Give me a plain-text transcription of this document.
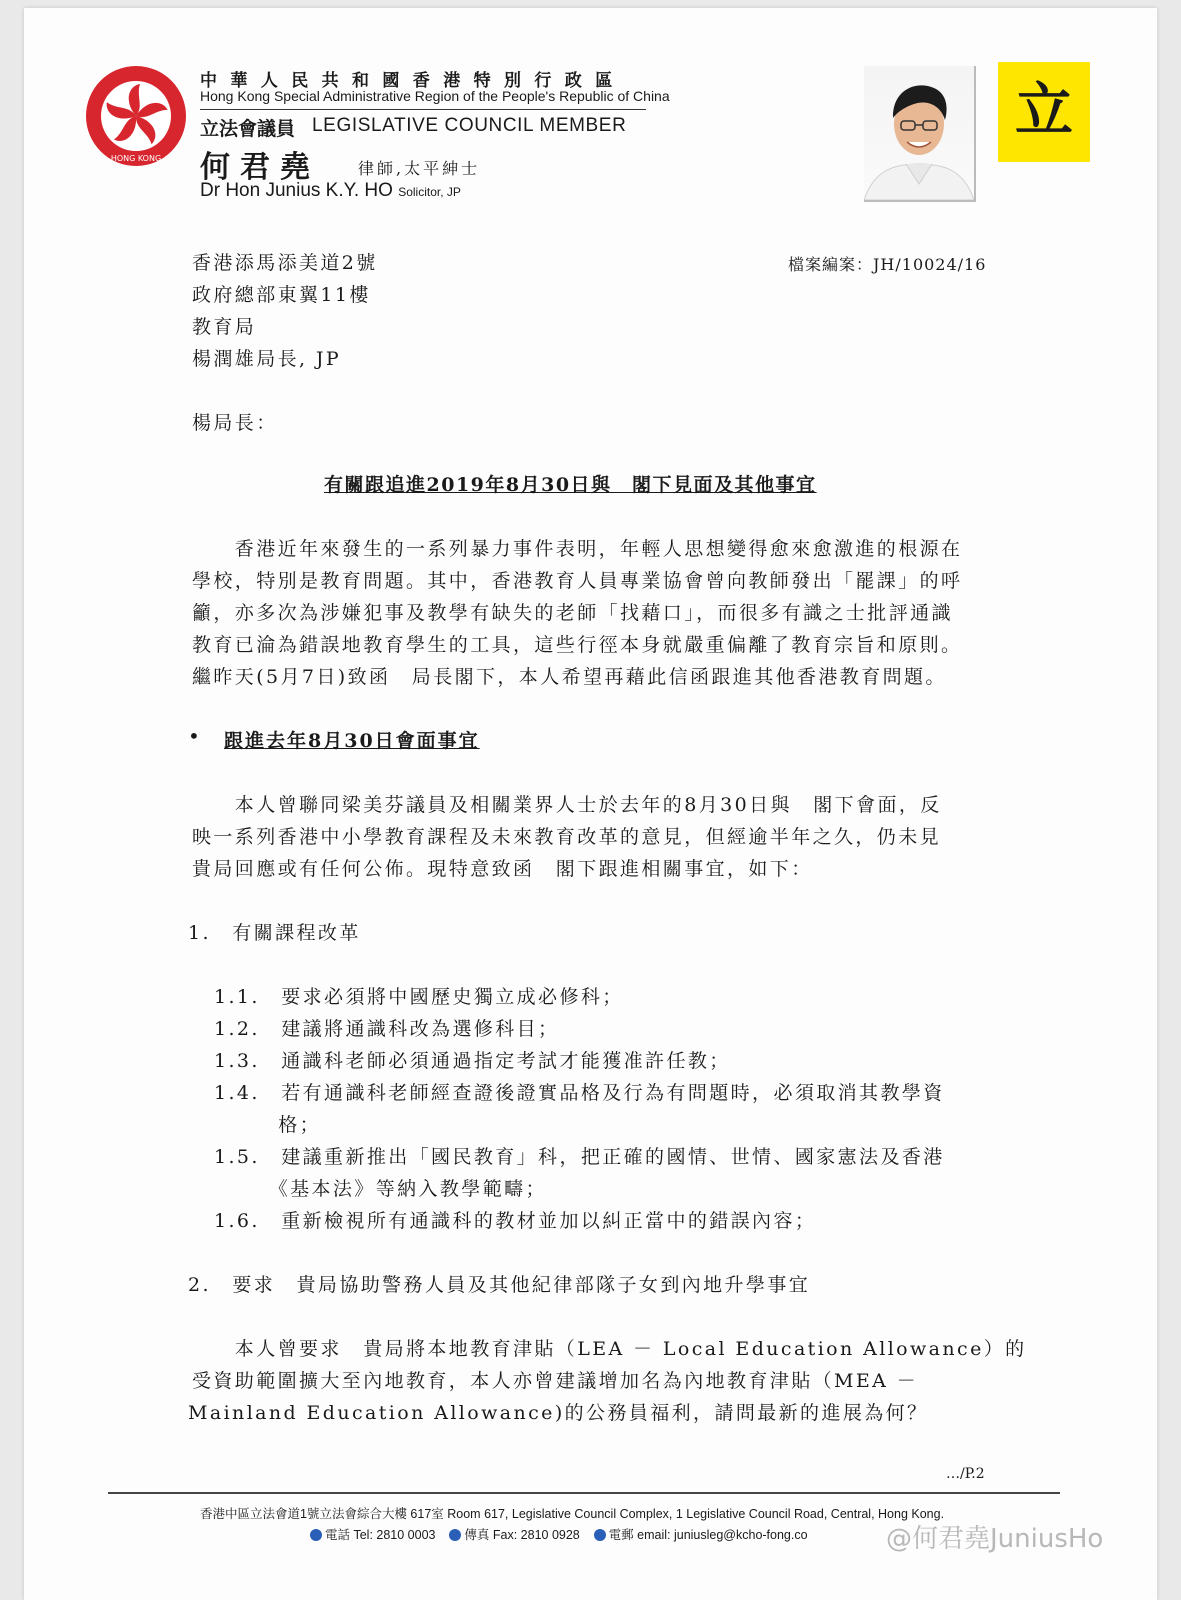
HONG KONG
中華人民共和國香港特別行政區
Hong Kong Special Administrative Region of the People's Republic of China
立法會議員 LEGISLATIVE COUNCIL MEMBER
何君堯 律師,太平紳士
Dr Hon Junius K.Y. HO Solicitor, JP
立
檔案編案：JH/10024/16
香港添馬添美道2號
政府總部東翼11樓
教育局
楊潤雄局長, JP
楊局長：
有關跟追進2019年8月30日與　閣下見面及其他事宜
　　香港近年來發生的一系列暴力事件表明，年輕人思想變得愈來愈激進的根源在
學校，特別是教育問題。其中，香港教育人員專業協會曾向教師發出「罷課」的呼
籲，亦多次為涉嫌犯事及教學有缺失的老師「找藉口」，而很多有識之士批評通識
教育已淪為錯誤地教育學生的工具，這些行徑本身就嚴重偏離了教育宗旨和原則。
繼昨天(5月7日)致函　局長閣下，本人希望再藉此信函跟進其他香港教育問題。
• 跟進去年8月30日會面事宜
　　本人曾聯同梁美芬議員及相關業界人士於去年的8月30日與　閣下會面，反
映一系列香港中小學教育課程及未來教育改革的意見，但經逾半年之久，仍未見
貴局回應或有任何公佈。現特意致函　閣下跟進相關事宜，如下：
1.　有關課程改革
1.1.　要求必須將中國歷史獨立成必修科；
1.2.　建議將通識科改為選修科目；
1.3.　通識科老師必須通過指定考試才能獲准許任教；
1.4.　若有通識科老師經查證後證實品格及行為有問題時，必須取消其教學資
　　　格；
1.5.　建議重新推出「國民教育」科，把正確的國情、世情、國家憲法及香港
　　　《基本法》等納入教學範疇；
1.6.　重新檢視所有通識科的教材並加以糾正當中的錯誤內容；
2.　要求　貴局協助警務人員及其他紀律部隊子女到內地升學事宜
　　本人曾要求　貴局將本地教育津貼（LEA － Local Education Allowance）的
受資助範圍擴大至內地教育，本人亦曾建議增加名為內地教育津貼（MEA －
Mainland Education Allowance)的公務員福利，請問最新的進展為何？
…/P.2
香港中區立法會道1號立法會綜合大樓 617室 Room 617, Legislative Council Complex, 1 Legislative Council Road, Central, Hong Kong.
電話 Tel: 2810 0003 傳真 Fax: 2810 0928 電郵 email: juniusleg@kcho-fong.co	@何君堯JuniusHo
